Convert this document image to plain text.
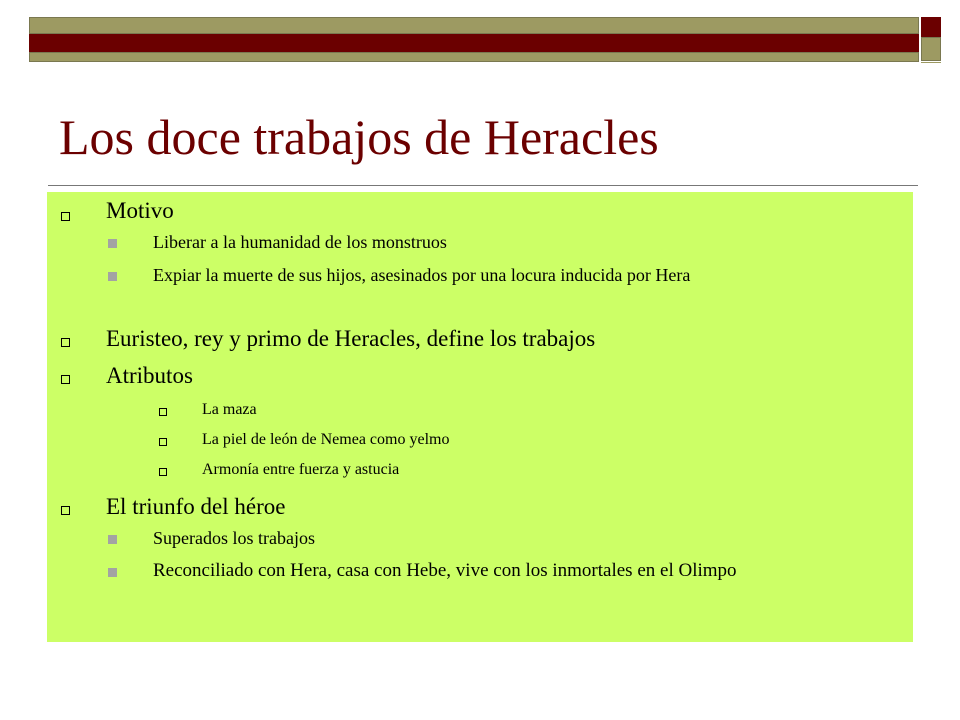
Los doce trabajos de Heracles
Motivo
Liberar a la humanidad de los monstruos
Expiar la muerte de sus hijos, asesinados por una locura inducida por Hera
Euristeo, rey y primo de Heracles, define los trabajos
Atributos
La maza
La piel de león de Nemea como yelmo
Armonía entre fuerza y astucia
El triunfo del héroe
Superados los trabajos
Reconciliado con Hera, casa con Hebe, vive con los inmortales en el Olimpo
